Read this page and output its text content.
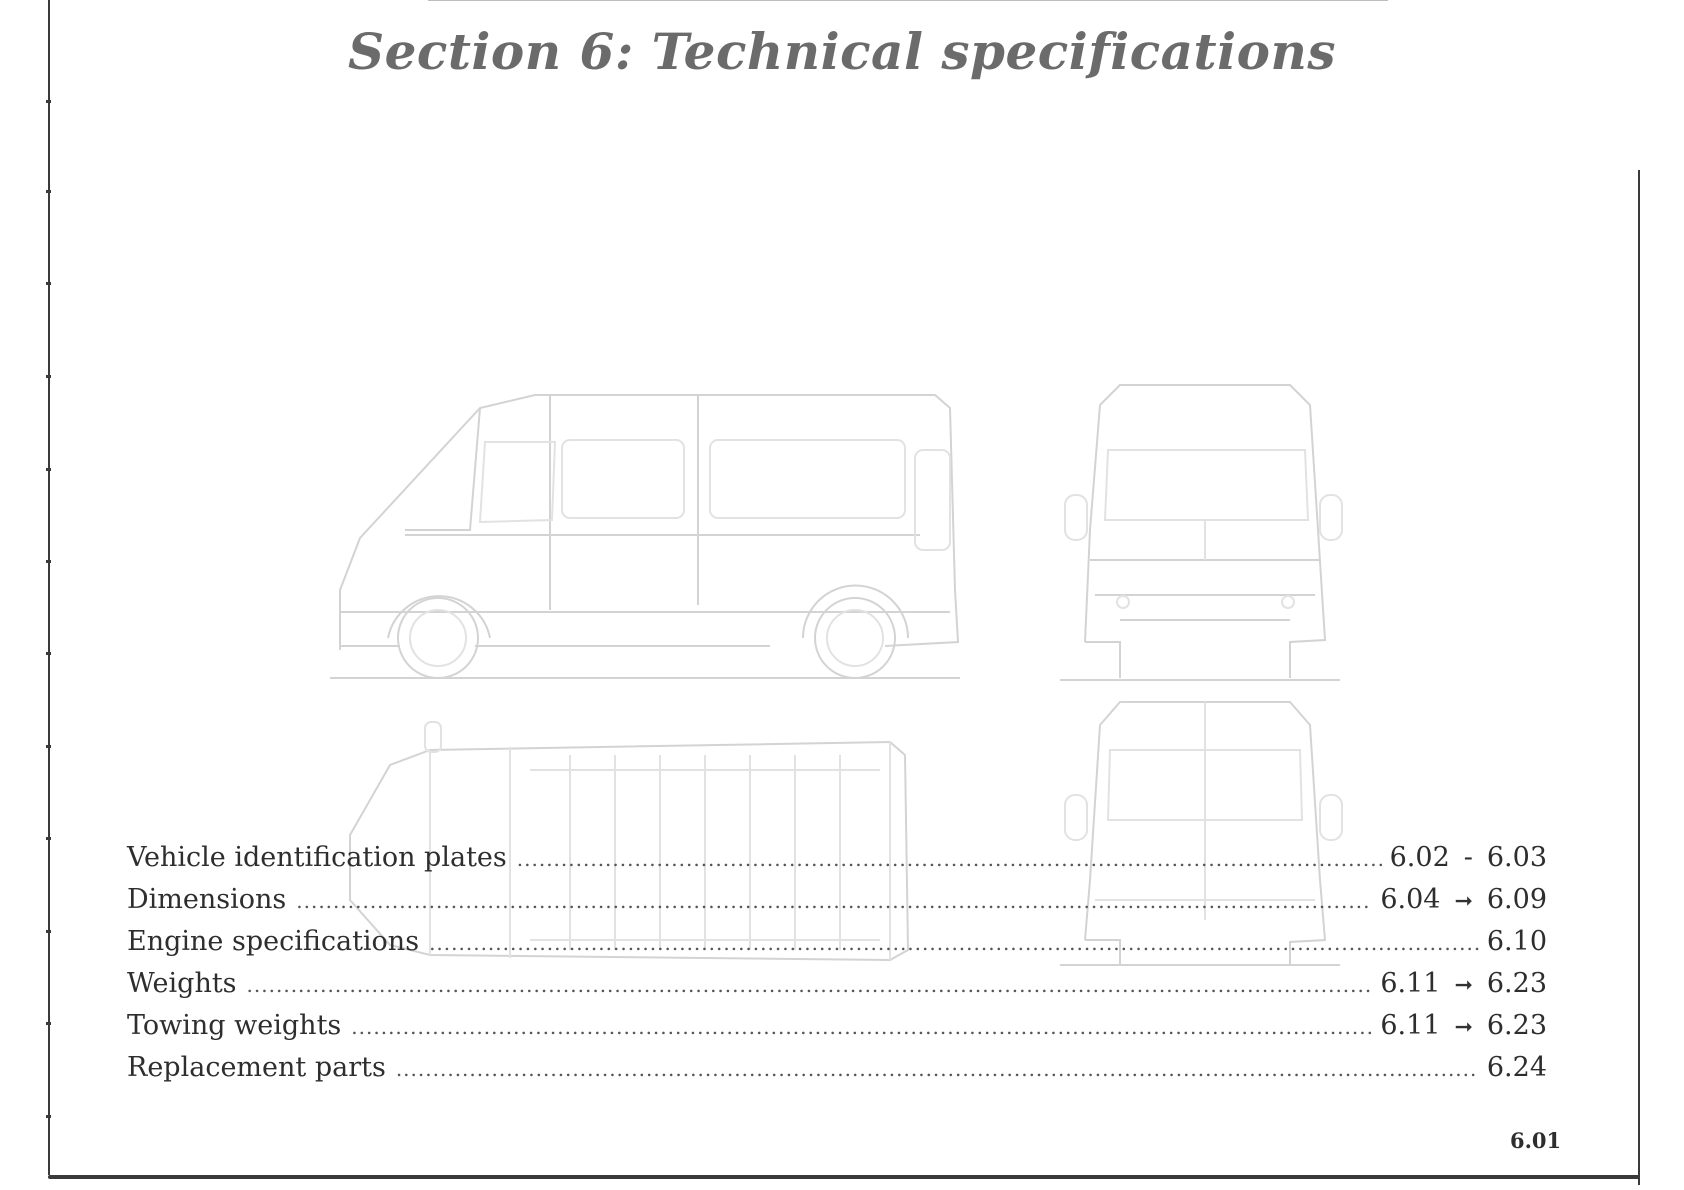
Section 6: Technical specifications
Vehicle identification plates .....	6.02 - 6.03
Dimensions .....	6.04 ➞ 6.09
Engine specifications .....	6.10
Weights .....	6.11 ➞ 6.23
Towing weights .....	6.11 ➞ 6.23
Replacement parts .....	6.24
6.01
